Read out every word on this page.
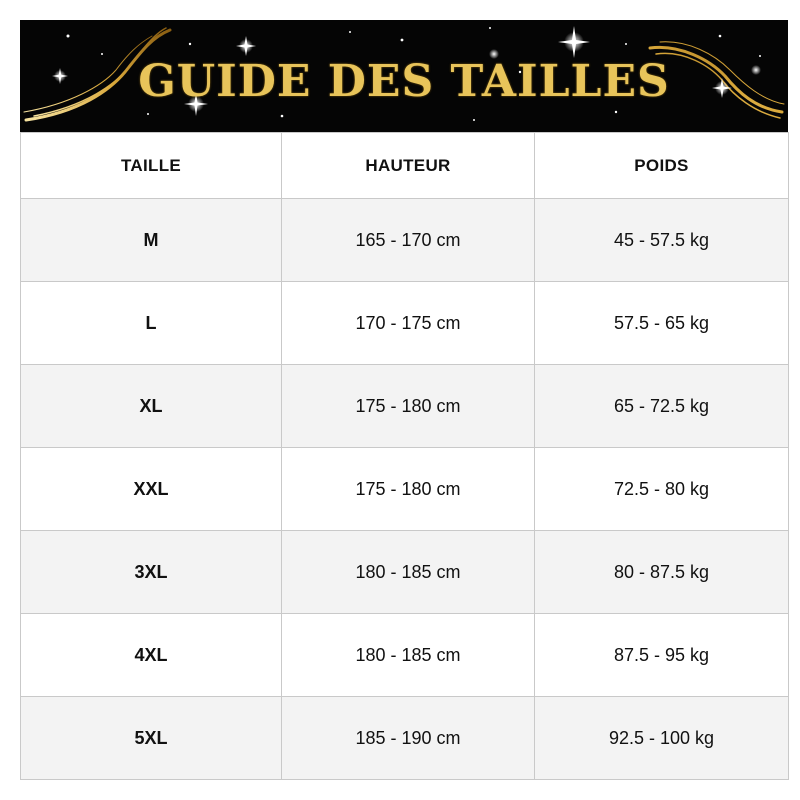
GUIDE DES TAILLES
TAILLE	HAUTEUR	POIDS
M	165 - 170 cm	45 - 57.5 kg
L	170 - 175 cm	57.5 - 65 kg
XL	175 - 180 cm	65 - 72.5 kg
XXL	175 - 180 cm	72.5 - 80 kg
3XL	180 - 185 cm	80 - 87.5 kg
4XL	180 - 185 cm	87.5 - 95 kg
5XL	185 - 190 cm	92.5 - 100 kg
